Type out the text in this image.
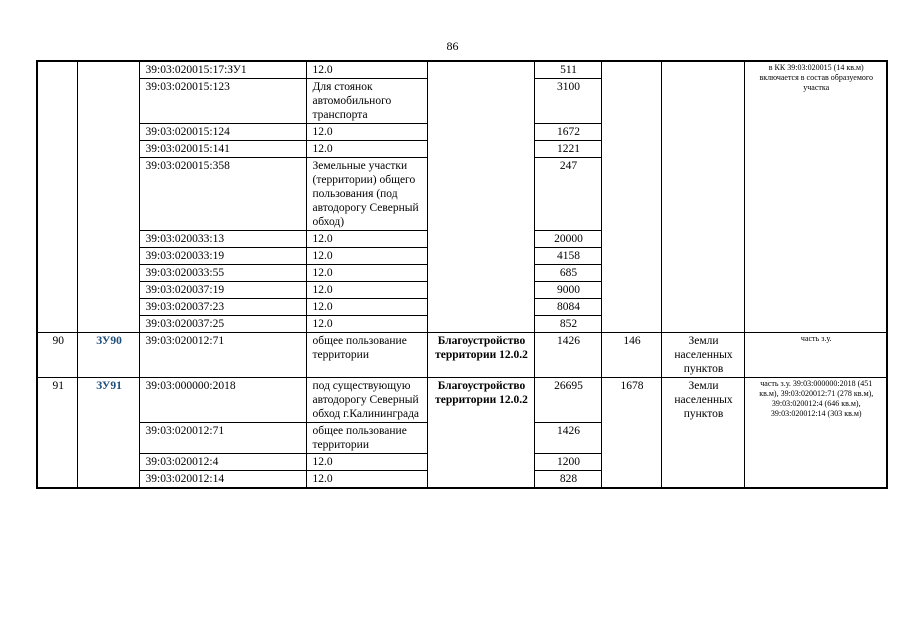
86
		39:03:020015:17:ЗУ1	12.0		511			в КК 39:03:020015 (14 кв.м) включается в состав образуемого участка
		39:03:020015:123	Для стоянок автомобильного транспорта		3100			
		39:03:020015:124	12.0		1672			
		39:03:020015:141	12.0		1221			
		39:03:020015:358	Земельные участки (территории) общего пользования (под автодорогу Северный обход)		247			
		39:03:020033:13	12.0		20000			
		39:03:020033:19	12.0		4158			
		39:03:020033:55	12.0		685			
		39:03:020037:19	12.0		9000			
		39:03:020037:23	12.0		8084			
		39:03:020037:25	12.0		852			
90	ЗУ90	39:03:020012:71	общее пользование территории	Благоустройство территории 12.0.2	1426	146	Земли населенных пунктов	часть з.у.
91	ЗУ91	39:03:000000:2018	под существующую автодорогу Северный обход г.Калининграда	Благоустройство территории 12.0.2	26695	1678	Земли населенных пунктов	часть з.у. 39:03:000000:2018 (451 кв.м), 39:03:020012:71 (278 кв.м), 39:03:020012:4 (646 кв.м), 39:03:020012:14 (303 кв.м)
		39:03:020012:71	общее пользование территории		1426			
		39:03:020012:4	12.0		1200			
		39:03:020012:14	12.0		828			
